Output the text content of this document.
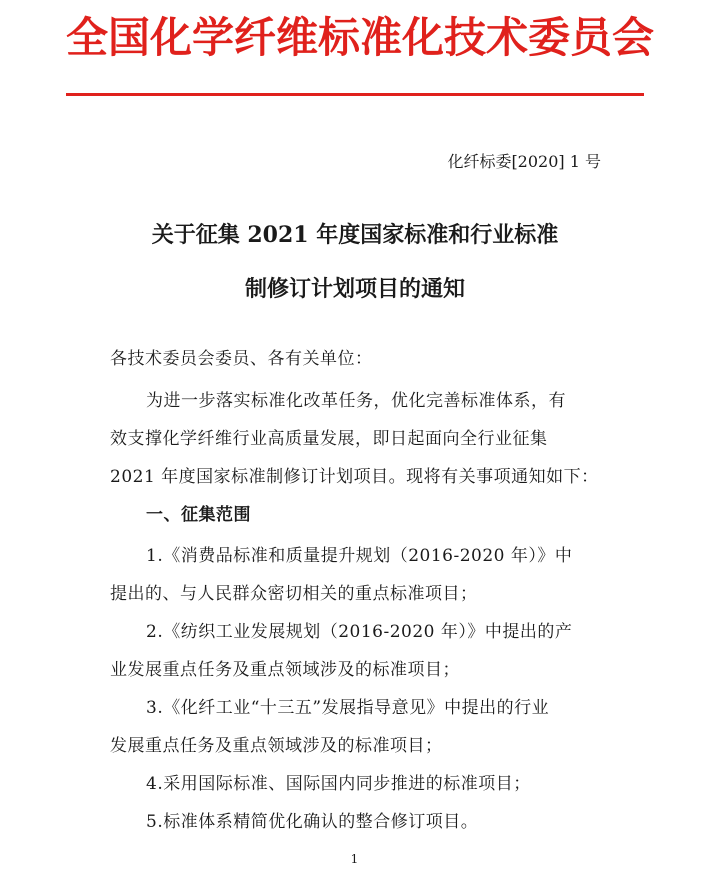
全国化学纤维标准化技术委员会
化纤标委[2020] 1 号
关于征集 2021 年度国家标准和行业标准
制修订计划项目的通知
各技术委员会委员、各有关单位：
为进一步落实标准化改革任务，优化完善标准体系，有
效支撑化学纤维行业高质量发展，即日起面向全行业征集
2021 年度国家标准制修订计划项目。现将有关事项通知如下：
一、征集范围
1.《消费品标准和质量提升规划（2016-2020 年）》中
提出的、与人民群众密切相关的重点标准项目；
2.《纺织工业发展规划（2016-2020 年）》中提出的产
业发展重点任务及重点领域涉及的标准项目；
3.《化纤工业“十三五”发展指导意见》中提出的行业
发展重点任务及重点领域涉及的标准项目；
4.采用国际标准、国际国内同步推进的标准项目；
5.标准体系精简优化确认的整合修订项目。
1
